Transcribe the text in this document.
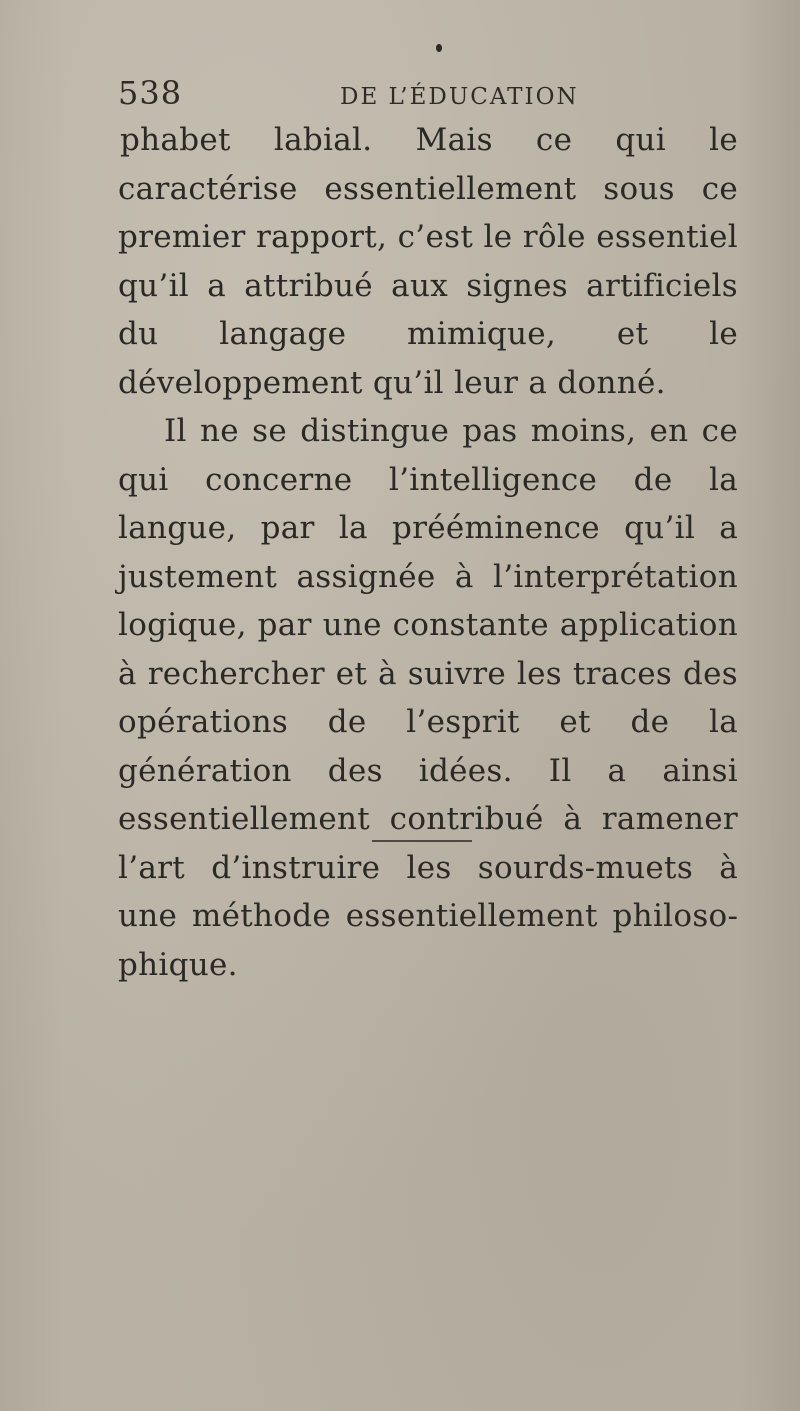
538	DE L’ÉDUCATION

phabet labial. Mais ce qui le caractérise essentiellement sous ce premier rapport, c’est le rôle essentiel qu’il a attribué aux signes artificiels du langage mimique, et le développement qu’il leur a donné.

Il ne se distingue pas moins, en ce qui concerne l’intelligence de la langue, par la prééminence qu’il a justement assignée à l’interprétation logique, par une constante application à rechercher et à suivre les traces des opérations de l’esprit et de la génération des idées. Il a ainsi essentiellement contribué à ramener l’art d’instruire les sourds-muets à une méthode essentiellement philosophique.
